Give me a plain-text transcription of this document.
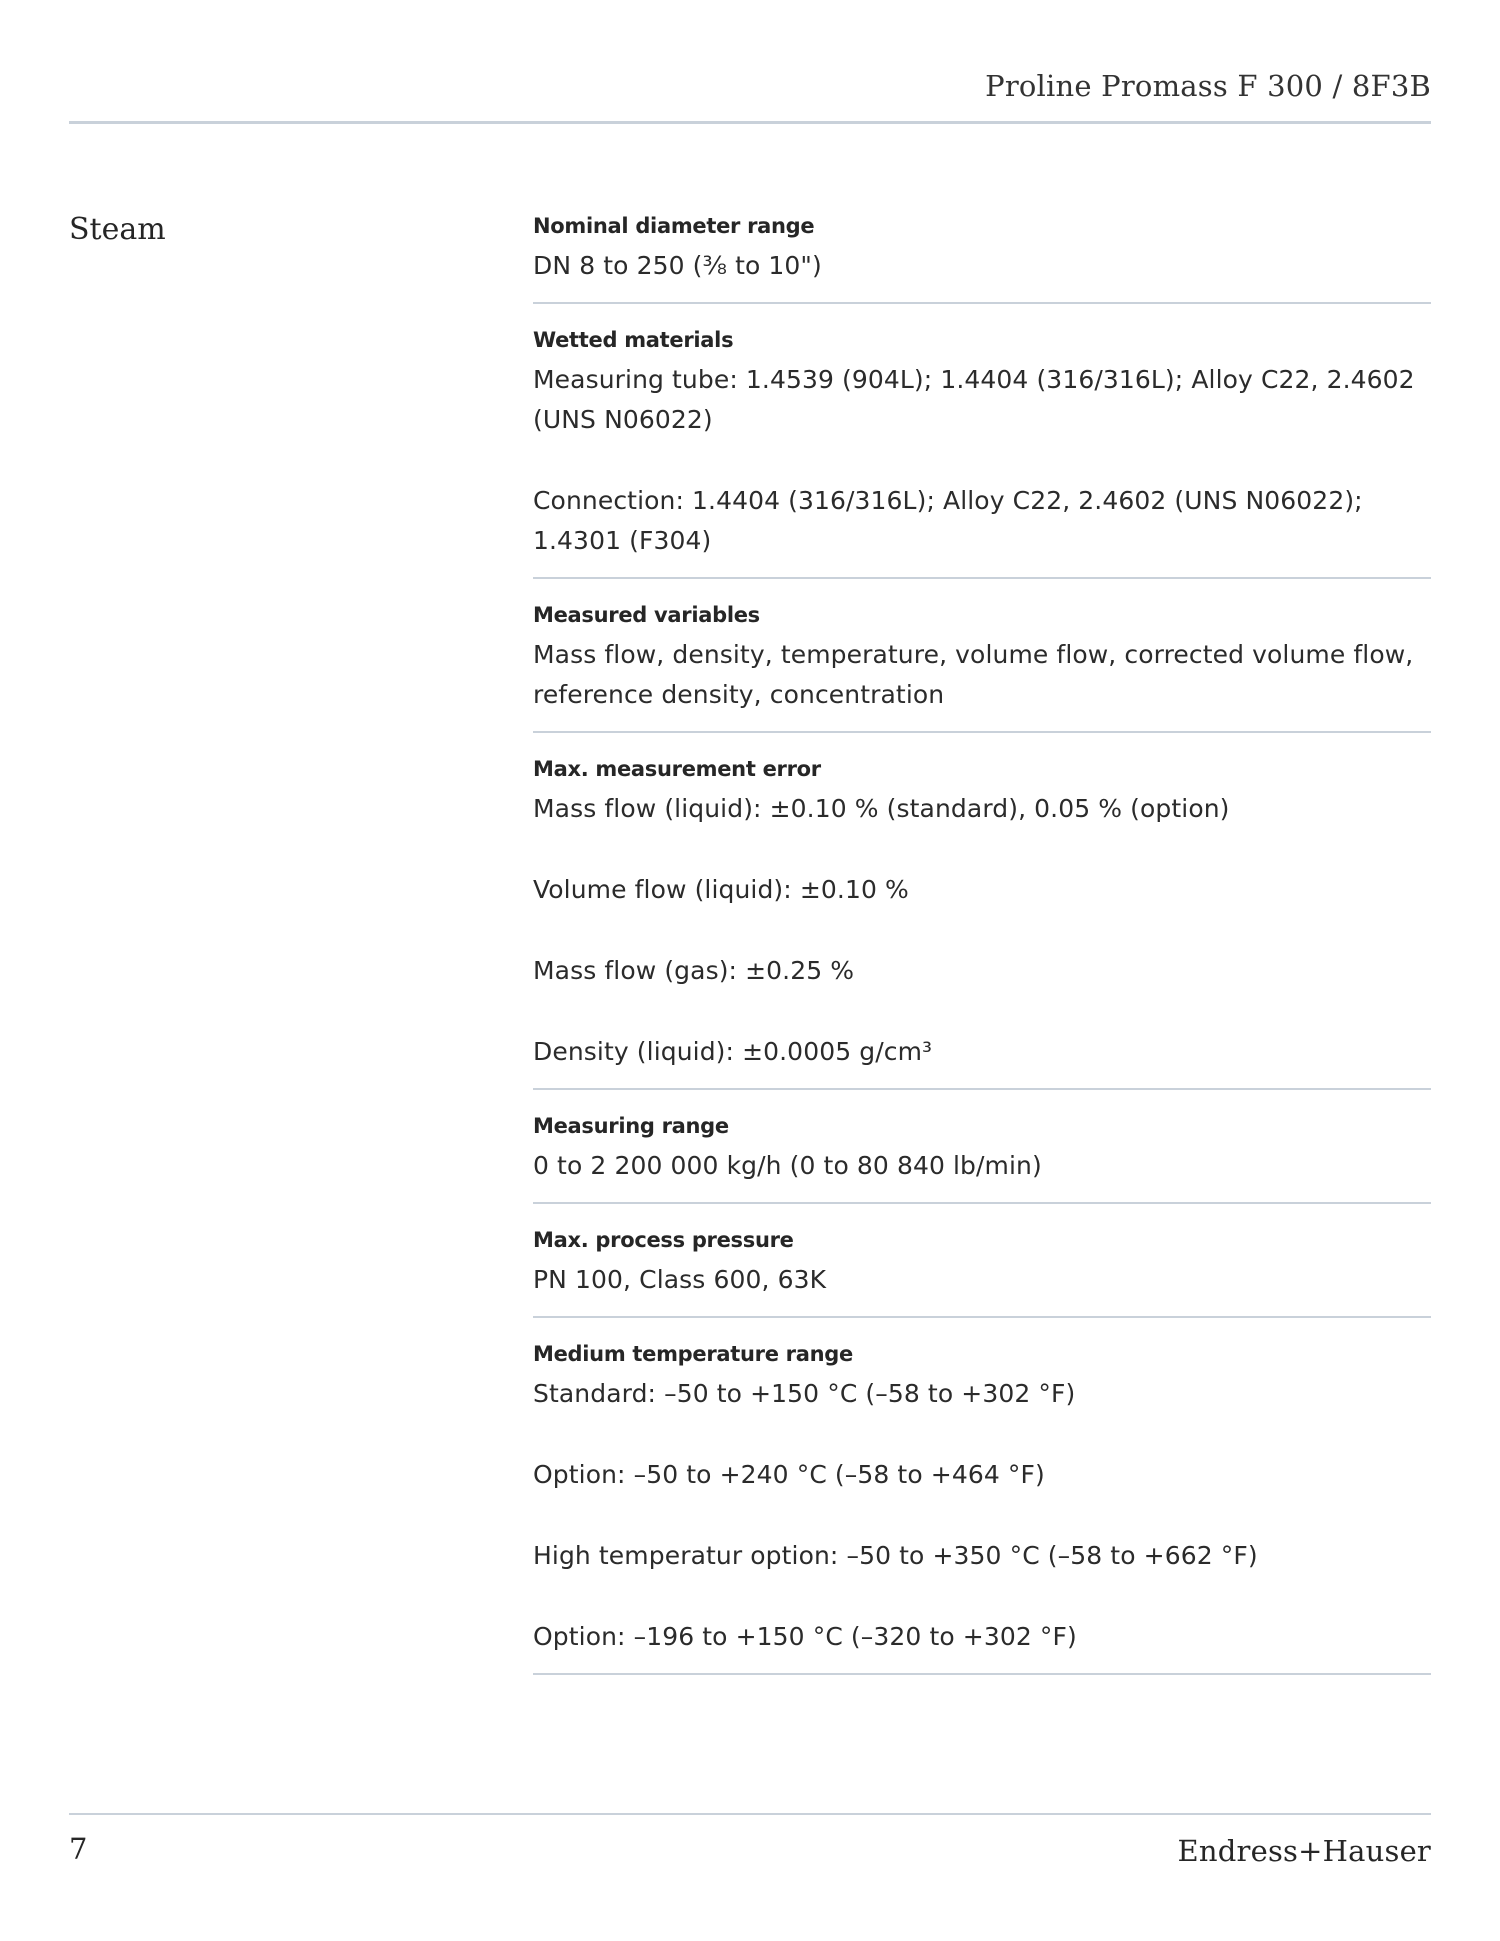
Proline Promass F 300 / 8F3B
Steam	Nominal diameter range
DN 8 to 250 (³⁄₈ to 10")
Wetted materials
Measuring tube: 1.4539 (904L); 1.4404 (316/316L); Alloy C22, 2.4602 (UNS N06022)
Connection: 1.4404 (316/316L); Alloy C22, 2.4602 (UNS N06022); 1.4301 (F304)
Measured variables
Mass flow, density, temperature, volume flow, corrected volume flow, reference density, concentration
Max. measurement error
Mass flow (liquid): ±0.10 % (standard), 0.05 % (option)
Volume flow (liquid): ±0.10 %
Mass flow (gas): ±0.25 %
Density (liquid): ±0.0005 g/cm³
Measuring range
0 to 2 200 000 kg/h (0 to 80 840 lb/min)
Max. process pressure
PN 100, Class 600, 63K
Medium temperature range
Standard: –50 to +150 °C (–58 to +302 °F)
Option: –50 to +240 °C (–58 to +464 °F)
High temperatur option: –50 to +350 °C (–58 to +662 °F)
Option: –196 to +150 °C (–320 to +302 °F)
7	Endress+Hauser
